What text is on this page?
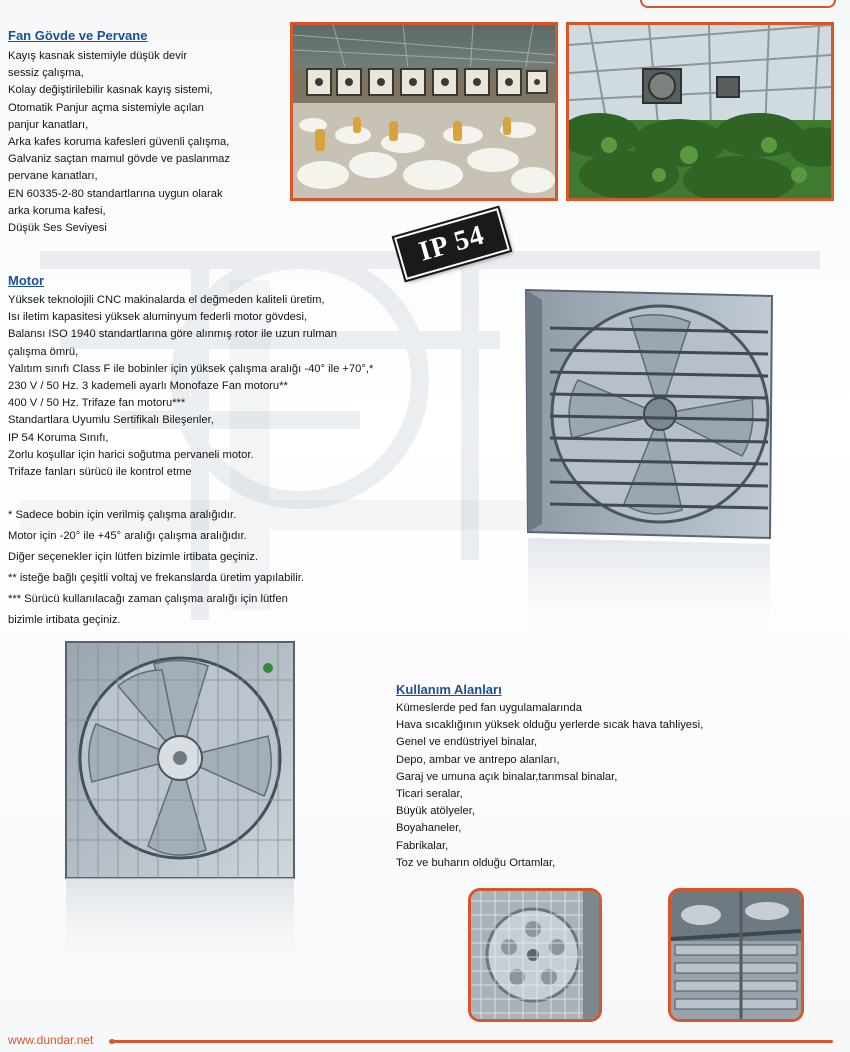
Fan Gövde ve Pervane
Kayış kasnak sistemiyle düşük devir
sessiz çalışma,
Kolay değiştirilebilir kasnak kayış sistemi,
Otomatik Panjur açma sistemiyle açılan
panjur kanatları,
Arka kafes koruma kafesleri güvenli çalışma,
Galvaniz saçtan mamul gövde ve paslanmaz
pervane kanatları,
EN 60335-2-80 standartlarına uygun olarak
arka koruma kafesi,
Düşük Ses Seviyesi	IP 54
Motor
Yüksek teknolojili CNC makinalarda el değmeden kaliteli üretim,
Isı iletim kapasitesi yüksek aluminyum federli motor gövdesi,
Balansı ISO 1940 standartlarına göre alınmış rotor ile uzun rulman
çalışma ömrü,
Yalıtım sınıfı Class F ile bobinler için yüksek çalışma aralığı -40° ile +70°,*
230 V / 50 Hz. 3 kademeli ayarlı Monofaze Fan motoru**
400 V / 50 Hz. Trifaze fan motoru***
Standartlara Uyumlu Sertifikalı Bileşenler,
IP 54 Koruma Sınıfı,
Zorlu koşullar için harici soğutma pervaneli motor.
Trifaze fanları sürücü ile kontrol etme
* Sadece bobin için verilmiş çalışma aralığıdır.
Motor için -20° ile +45° aralığı çalışma aralığıdır.
Diğer seçenekler için lütfen bizimle irtibata geçiniz.
** isteğe bağlı çeşitli voltaj ve frekanslarda üretim yapılabilir.
*** Sürücü kullanılacağı zaman çalışma aralığı için lütfen
bizimle irtibata geçiniz.
Kullanım Alanları
Kümeslerde ped fan uygulamalarında
Hava sıcaklığının yüksek olduğu yerlerde sıcak hava tahliyesi,
Genel ve endüstriyel binalar,
Depo, ambar ve antrepo alanları,
Garaj ve umuna açık binalar,tarımsal binalar,
Ticari seralar,
Büyük atölyeler,
Boyahaneler,
Fabrikalar,
Toz ve buharın olduğu Ortamlar,
www.dundar.net
